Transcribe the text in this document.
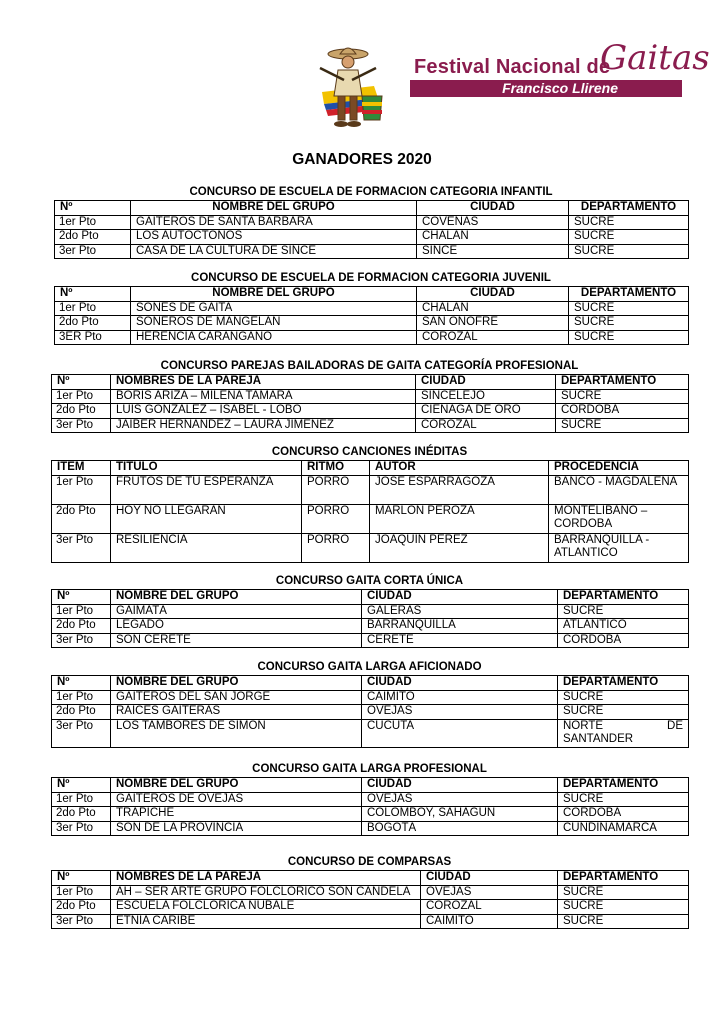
Festival Nacional de
Gaitas
Francisco Llirene
GANADORES 2020
CONCURSO DE ESCUELA DE FORMACION CATEGORIA INFANTIL
Nº	NOMBRE DEL GRUPO	CIUDAD	DEPARTAMENTO
1er Pto	GAITEROS DE SANTA BARBARA	COVEÑAS	SUCRE
2do Pto	LOS AUTOCTONOS	CHALÁN	SUCRE
3er Pto	CASA DE LA CULTURA DE SINCÉ	SINCÉ	SUCRE
CONCURSO DE ESCUELA DE FORMACION CATEGORIA JUVENIL
Nº	NOMBRE DEL GRUPO	CIUDAD	DEPARTAMENTO
1er Pto	SONES DE GAITA	CHALÁN	SUCRE
2do Pto	SONEROS DE MANGELÁN	SAN ONOFRE	SUCRE
3ER Pto	HERENCIA CARANGANO	COROZAL	SUCRE
CONCURSO PAREJAS BAILADORAS DE GAITA CATEGORÍA PROFESIONAL
Nº	NOMBRES DE LA PAREJA	CIUDAD	DEPARTAMENTO
1er Pto	BORIS ARIZA – MILENA TAMARA	SINCELEJO	SUCRE
2do Pto	LUIS GONZALEZ – ISABEL - LOBO	CIENAGA DE ORO	CORDOBA
3er Pto	JAIBER HERNANDEZ – LAURA JIMENEZ	COROZAL	SUCRE
CONCURSO CANCIONES INÉDITAS
ITEM	TITULO	RITMO	AUTOR	PROCEDENCIA
1er Pto	FRUTOS DE TU ESPERANZA	PORRO	JOSÉ ESPARRAGOZA	BANCO - MAGDALENA
2do Pto	HOY NO LLEGARÁN	PORRO	MARLÓN PEROZA	MONTELIBANO – CORDOBA
3er Pto	RESILIENCIA	PORRO	JOAQUÍN PEREZ	BARRANQUILLA - ATLANTICO
CONCURSO GAITA CORTA ÚNICA
Nº	NOMBRE DEL GRUPO	CIUDAD	DEPARTAMENTO
1er Pto	GAIMATÁ	GALERAS	SUCRE
2do Pto	LEGADO	BARRANQUILLA	ATLANTICO
3er Pto	SON CERETÉ	CERETÉ	CORDOBA
CONCURSO GAITA LARGA AFICIONADO
Nº	NOMBRE DEL GRUPO	CIUDAD	DEPARTAMENTO
1er Pto	GAITEROS DEL SAN JORGE	CAIMITO	SUCRE
2do Pto	RAICES GAITERAS	OVEJAS	SUCRE
3er Pto	LOS TAMBORES DE SIMON	CUCUTA	NORTE DE SANTANDER
CONCURSO GAITA LARGA PROFESIONAL
Nº	NOMBRE DEL GRUPO	CIUDAD	DEPARTAMENTO
1er Pto	GAITEROS DE OVEJAS	OVEJAS	SUCRE
2do Pto	TRAPICHE	COLOMBOY, SAHAGÚN	CORDOBA
3er Pto	SON DE LA PROVINCIA	BOGOTÁ	CUNDINAMARCA
CONCURSO DE COMPARSAS
Nº	NOMBRES DE LA PAREJA	CIUDAD	DEPARTAMENTO
1er Pto	AH – SER ARTE GRUPO FOLCLORICO SON CANDELA	OVEJAS	SUCRE
2do Pto	ESCUELA FOLCLORICA NUBALÉ	COROZAL	SUCRE
3er Pto	ETNIA CARIBE	CAIMITO	SUCRE
